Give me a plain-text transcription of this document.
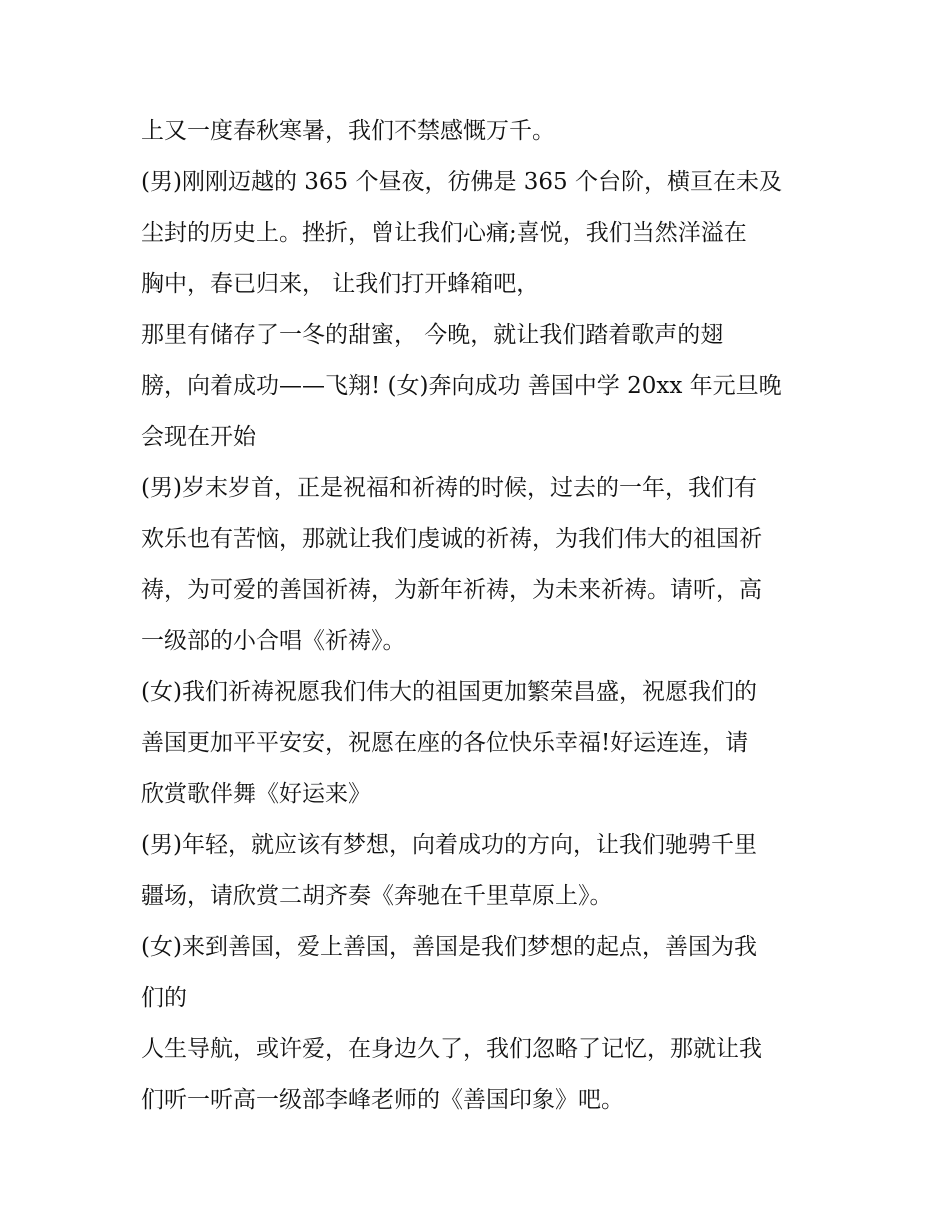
上又一度春秋寒暑，我们不禁感慨万千。
(男)刚刚迈越的 365 个昼夜，彷佛是 365 个台阶，横亘在未及
尘封的历史上。挫折，曾让我们心痛;喜悦，我们当然洋溢在
胸中，春已归来， 让我们打开蜂箱吧，
那里有储存了一冬的甜蜜， 今晚，就让我们踏着歌声的翅
膀，向着成功——飞翔! (女)奔向成功 善国中学 20xx 年元旦晚
会现在开始
(男)岁末岁首，正是祝福和祈祷的时候，过去的一年，我们有
欢乐也有苦恼，那就让我们虔诚的祈祷，为我们伟大的祖国祈
祷，为可爱的善国祈祷，为新年祈祷，为未来祈祷。请听，高
一级部的小合唱《祈祷》。
(女)我们祈祷祝愿我们伟大的祖国更加繁荣昌盛，祝愿我们的
善国更加平平安安，祝愿在座的各位快乐幸福!好运连连，请
欣赏歌伴舞《好运来》
(男)年轻，就应该有梦想，向着成功的方向，让我们驰骋千里
疆场，请欣赏二胡齐奏《奔驰在千里草原上》。
(女)来到善国，爱上善国，善国是我们梦想的起点，善国为我
们的
人生导航，或许爱，在身边久了，我们忽略了记忆，那就让我
们听一听高一级部李峰老师的《善国印象》吧。
